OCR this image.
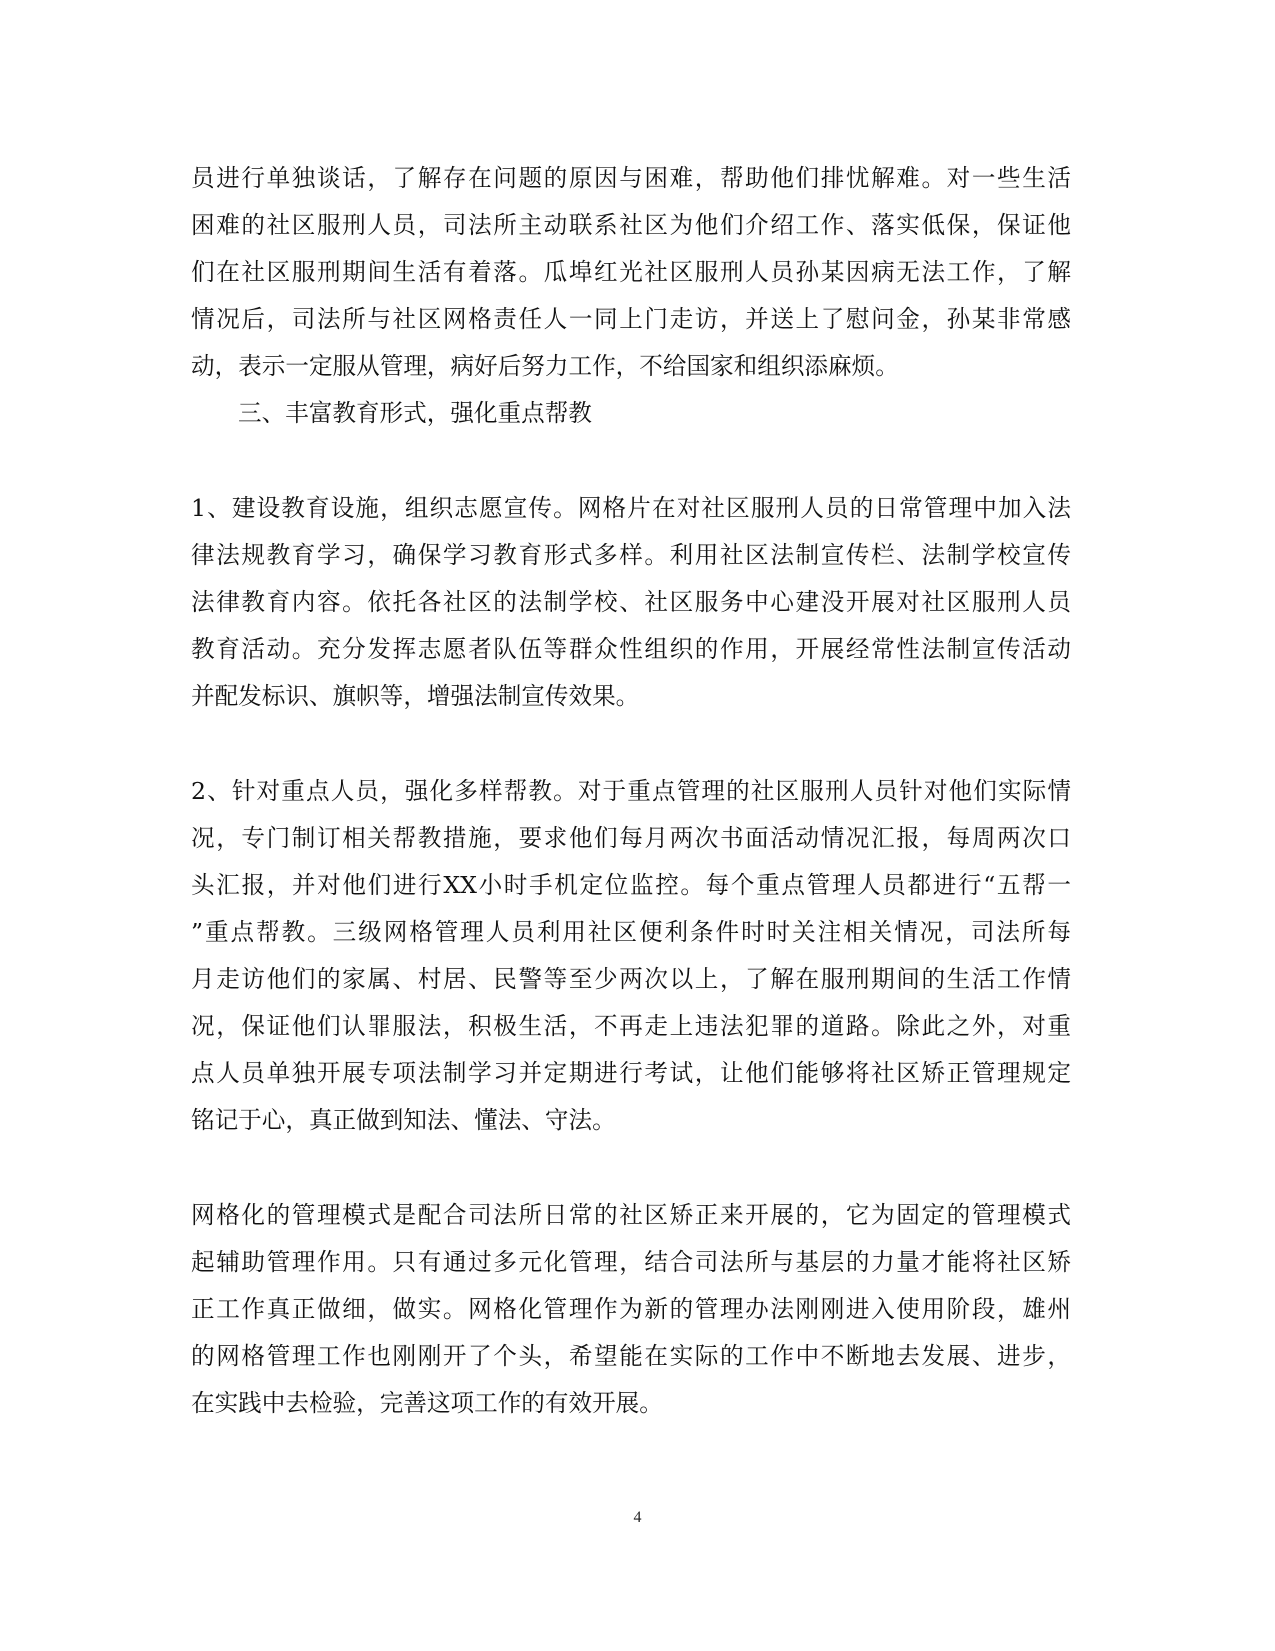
员进行单独谈话，了解存在问题的原因与困难，帮助他们排忧解难。对一些生活
困难的社区服刑人员，司法所主动联系社区为他们介绍工作、落实低保，保证他
们在社区服刑期间生活有着落。瓜埠红光社区服刑人员孙某因病无法工作，了解
情况后，司法所与社区网格责任人一同上门走访，并送上了慰问金，孙某非常感
动，表示一定服从管理，病好后努力工作，不给国家和组织添麻烦。
三、丰富教育形式，强化重点帮教
1、建设教育设施，组织志愿宣传。网格片在对社区服刑人员的日常管理中加入法
律法规教育学习，确保学习教育形式多样。利用社区法制宣传栏、法制学校宣传
法律教育内容。依托各社区的法制学校、社区服务中心建没开展对社区服刑人员
教育活动。充分发挥志愿者队伍等群众性组织的作用，开展经常性法制宣传活动
并配发标识、旗帜等，增强法制宣传效果。
2、针对重点人员，强化多样帮教。对于重点管理的社区服刑人员针对他们实际情
况，专门制订相关帮教措施，要求他们每月两次书面活动情况汇报，每周两次口
头汇报，并对他们进行XX小时手机定位监控。每个重点管理人员都进行“五帮一
”重点帮教。三级网格管理人员利用社区便利条件时时关注相关情况，司法所每
月走访他们的家属、村居、民警等至少两次以上，了解在服刑期间的生活工作情
况，保证他们认罪服法，积极生活，不再走上违法犯罪的道路。除此之外，对重
点人员单独开展专项法制学习并定期进行考试，让他们能够将社区矫正管理规定
铭记于心，真正做到知法、懂法、守法。
网格化的管理模式是配合司法所日常的社区矫正来开展的，它为固定的管理模式
起辅助管理作用。只有通过多元化管理，结合司法所与基层的力量才能将社区矫
正工作真正做细，做实。网格化管理作为新的管理办法刚刚进入使用阶段，雄州
的网格管理工作也刚刚开了个头，希望能在实际的工作中不断地去发展、进步，
在实践中去检验，完善这项工作的有效开展。
4
